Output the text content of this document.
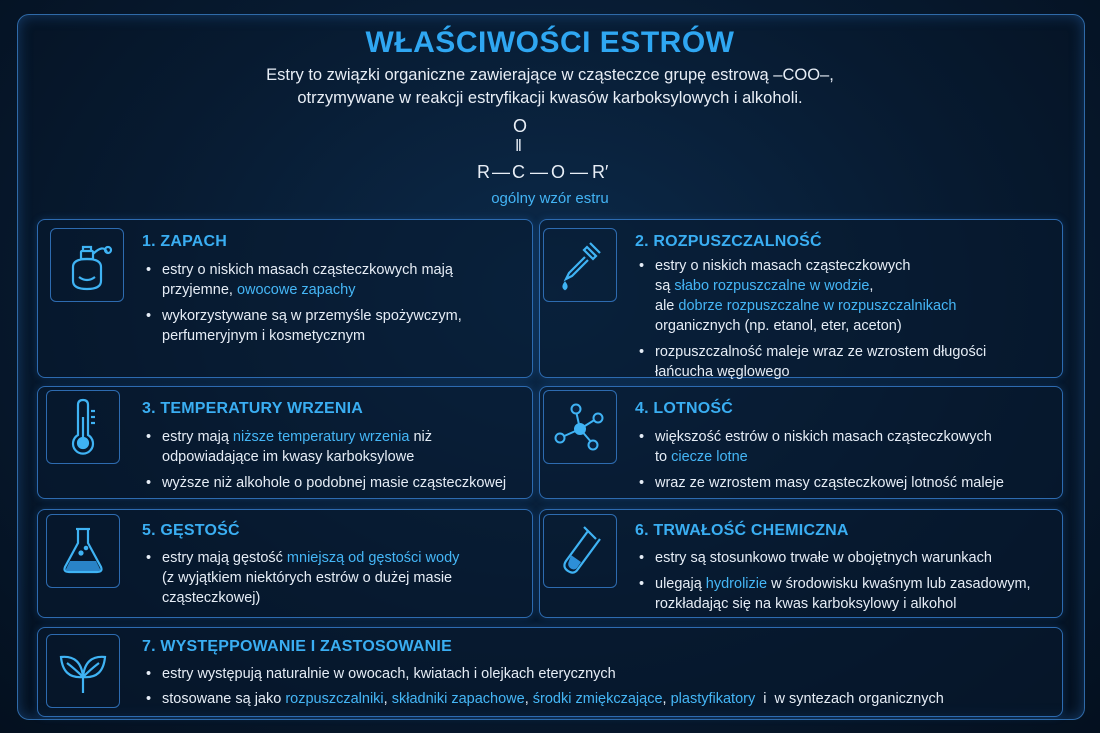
WŁAŚCIWOŚCI ESTRÓW
Estry to związki organiczne zawierające w cząsteczce grupę estrową –COO–,
otrzymywane w reakcji estryfikacji kwasów karboksylowych i alkoholi.
O
‖
R — C — O — R′
ogólny wzór estru
1. ZAPACH
• estry o niskich masach cząsteczkowych mają
przyjemne, owocowe zapachy
• wykorzystywane są w przemyśle spożywczym,
perfumeryjnym i kosmetycznym
2. ROZPUSZCZALNOŚĆ
• estry o niskich masach cząsteczkowych
są słabo rozpuszczalne w wodzie,
ale dobrze rozpuszczalne w rozpuszczalnikach
organicznych (np. etanol, eter, aceton)
• rozpuszczalność maleje wraz ze wzrostem długości
łańcucha węglowego
3. TEMPERATURY WRZENIA
• estry mają niższe temperatury wrzenia niż
odpowiadające im kwasy karboksylowe
• wyższe niż alkohole o podobnej masie cząsteczkowej
4. LOTNOŚĆ
• większość estrów o niskich masach cząsteczkowych
to ciecze lotne
• wraz ze wzrostem masy cząsteczkowej lotność maleje
5. GĘSTOŚĆ
• estry mają gęstość mniejszą od gęstości wody
(z wyjątkiem niektórych estrów o dużej masie
cząsteczkowej)
6. TRWAŁOŚĆ CHEMICZNA
• estry są stosunkowo trwałe w obojętnych warunkach
• ulegają hydrolizie w środowisku kwaśnym lub zasadowym,
rozkładając się na kwas karboksylowy i alkohol
7. WYSTĘPPOWANIE I ZASTOSOWANIE
• estry występują naturalnie w owocach, kwiatach i olejkach eterycznych
• stosowane są jako rozpuszczalniki, składniki zapachowe, środki zmiękczające, plastyfikatory  i  w syntezach organicznych
